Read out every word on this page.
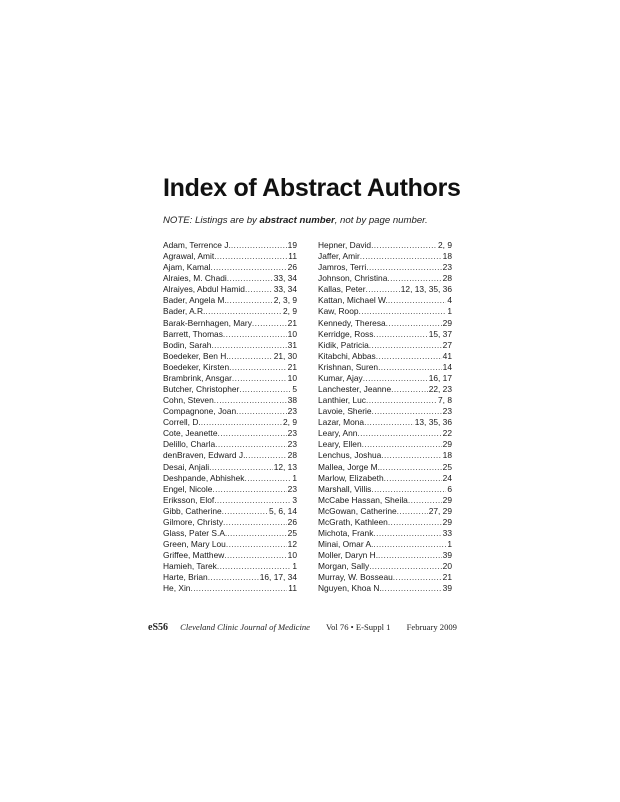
Index of Abstract Authors
NOTE: Listings are by abstract number, not by page number.
Adam, Terrence J. .....	19
Agrawal, Amit .....	11
Ajam, Kamal .....	26
Alraies, M. Chadi .....	33, 34
Alraiyes, Abdul Hamid .....	33, 34
Bader, Angela M. .....	2, 3, 9
Bader, A.R. .....	2, 9
Barak-Bernhagen, Mary .....	21
Barrett, Thomas .....	10
Bodin, Sarah .....	31
Boedeker, Ben H. .....	21, 30
Boedeker, Kirsten .....	21
Brambrink, Ansgar .....	10
Butcher, Christopher .....	5
Cohn, Steven .....	38
Compagnone, Joan .....	23
Correll, D. .....	2, 9
Cote, Jeanette .....	23
Delillo, Charla .....	23
denBraven, Edward J. .....	28
Desai, Anjali .....	12, 13
Deshpande, Abhishek .....	1
Engel, Nicole .....	23
Eriksson, Elof .....	3
Gibb, Catherine .....	5, 6, 14
Gilmore, Christy .....	26
Glass, Pater S.A. .....	25
Green, Mary Lou .....	12
Griffee, Matthew .....	10
Hamieh, Tarek .....	1
Harte, Brian .....	16, 17, 34
He, Xin .....	11
Hepner, David .....	2, 9
Jaffer, Amir .....	18
Jamros, Terri .....	23
Johnson, Christina .....	28
Kallas, Peter .....	12, 13, 35, 36
Kattan, Michael W. .....	4
Kaw, Roop .....	1
Kennedy, Theresa .....	29
Kerridge, Ross .....	15, 37
Kidik, Patricia .....	27
Kitabchi, Abbas .....	41
Krishnan, Suren .....	14
Kumar, Ajay .....	16, 17
Lanchester, Jeanne .....	22, 23
Lanthier, Luc .....	7, 8
Lavoie, Sherie .....	23
Lazar, Mona .....	13, 35, 36
Leary, Ann .....	22
Leary, Ellen .....	29
Lenchus, Joshua .....	18
Mallea, Jorge M. .....	25
Marlow, Elizabeth .....	24
Marshall, Villis .....	6
McCabe Hassan, Sheila .....	29
McGowan, Catherine .....	27, 29
McGrath, Kathleen .....	29
Michota, Frank .....	33
Minai, Omar A. .....	1
Moller, Daryn H. .....	39
Morgan, Sally .....	20
Murray, W. Bosseau .....	21
Nguyen, Khoa N. .....	39
eS56 Cleveland Clinic Journal of Medicine Vol 76 • E-Suppl 1 February 2009
